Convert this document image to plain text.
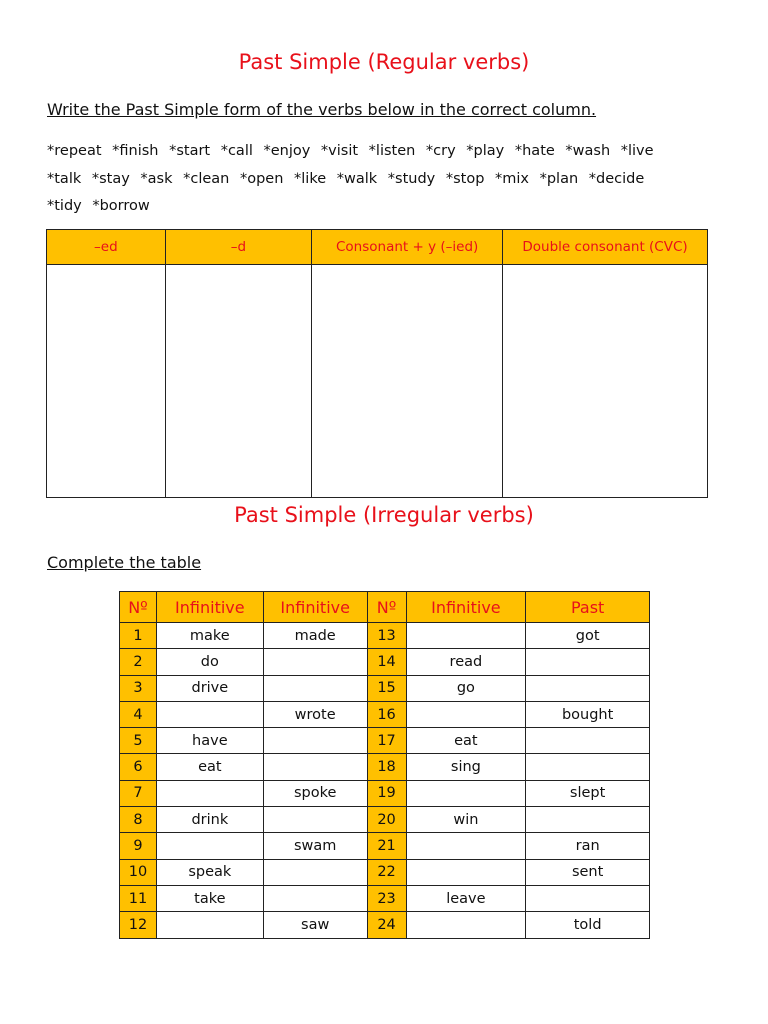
Past Simple (Regular verbs)
Write the Past Simple form of the verbs below in the correct column.
*repeat *finish *start *call *enjoy *visit *listen *cry *play *hate *wash *live
*talk *stay *ask *clean *open *like *walk *study *stop *mix *plan *decide
*tidy *borrow
–ed	–d	Consonant + y (–ied)	Double consonant (CVC)

Past Simple (Irregular verbs)
Complete the table
Nº	Infinitive	Infinitive	Nº	Infinitive	Past
1	make	made	13		got
2	do		14	read	
3	drive		15	go	
4		wrote	16		bought
5	have		17	eat	
6	eat		18	sing	
7		spoke	19		slept
8	drink		20	win	
9		swam	21		ran
10	speak		22		sent
11	take		23	leave	
12		saw	24		told
